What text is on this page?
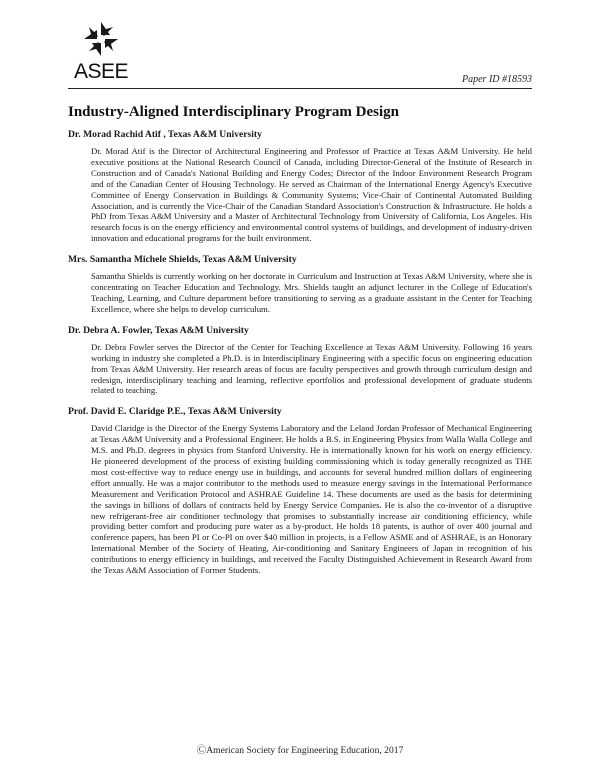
ASEE	Paper ID #18593
Industry-Aligned Interdisciplinary Program Design

Dr. Morad Rachid Atif , Texas A&M University

Dr. Morad Atif is the Director of Architectural Engineering and Professor of Practice at Texas A&M University. He held executive positions at the National Research Council of Canada, including Director-General of the Institute of Research in Construction and of Canada's National Building and Energy Codes; Director of the Indoor Environment Research Program and of the Canadian Center of Housing Technology. He served as Chairman of the International Energy Agency's Executive Committee of Energy Conservation in Buildings & Community Systems; Vice-Chair of Continental Automated Building Association, and is currently the Vice-Chair of the Canadian Standard Association's Construction & Infrastructure. He holds a PhD from Texas A&M University and a Master of Architectural Technology from University of California, Los Angeles. His research focus is on the energy efficiency and environmental control systems of buildings, and development of industry-driven innovation and educational programs for the built environment.

Mrs. Samantha Michele Shields, Texas A&M University

Samantha Shields is currently working on her doctorate in Curriculum and Instruction at Texas A&M University, where she is concentrating on Teacher Education and Technology. Mrs. Shields taught an adjunct lecturer in the College of Education's Teaching, Learning, and Culture department before transitioning to serving as a graduate assistant in the Center for Teaching Excellence, where she helps to develop curriculum.

Dr. Debra A. Fowler, Texas A&M University

Dr. Debra Fowler serves the Director of the Center for Teaching Excellence at Texas A&M University. Following 16 years working in industry she completed a Ph.D. is in Interdisciplinary Engineering with a specific focus on engineering education from Texas A&M University. Her research areas of focus are faculty perspectives and growth through curriculum design and redesign, interdisciplinary teaching and learning, reflective eportfolios and professional development of graduate students related to teaching.

Prof. David E. Claridge P.E., Texas A&M University

David Claridge is the Director of the Energy Systems Laboratory and the Leland Jordan Professor of Mechanical Engineering at Texas A&M University and a Professional Engineer. He holds a B.S. in Engineering Physics from Walla Walla College and M.S. and Ph.D. degrees in physics from Stanford University. He is internationally known for his work on energy efficiency. He pioneered development of the process of existing building commissioning which is today generally recognized as THE most cost-effective way to reduce energy use in buildings, and accounts for several hundred million dollars of engineering effort annually. He was a major contributor to the methods used to measure energy savings in the International Performance Measurement and Verification Protocol and ASHRAE Guideline 14. These documents are used as the basis for determining the savings in billions of dollars of contracts held by Energy Service Companies. He is also the co-inventor of a disruptive new refrigerant-free air conditioner technology that promises to substantially increase air conditioning efficiency, while providing better comfort and producing pure water as a by-product. He holds 18 patents, is author of over 400 journal and conference papers, has been PI or Co-PI on over $40 million in projects, is a Fellow ASME and of ASHRAE, is an Honorary International Member of the Society of Heating, Air-conditioning and Sanitary Engineers of Japan in recognition of his contributions to energy efficiency in buildings, and received the Faculty Distinguished Achievement in Research Award from the Texas A&M Association of Former Students.

ⒸAmerican Society for Engineering Education, 2017
